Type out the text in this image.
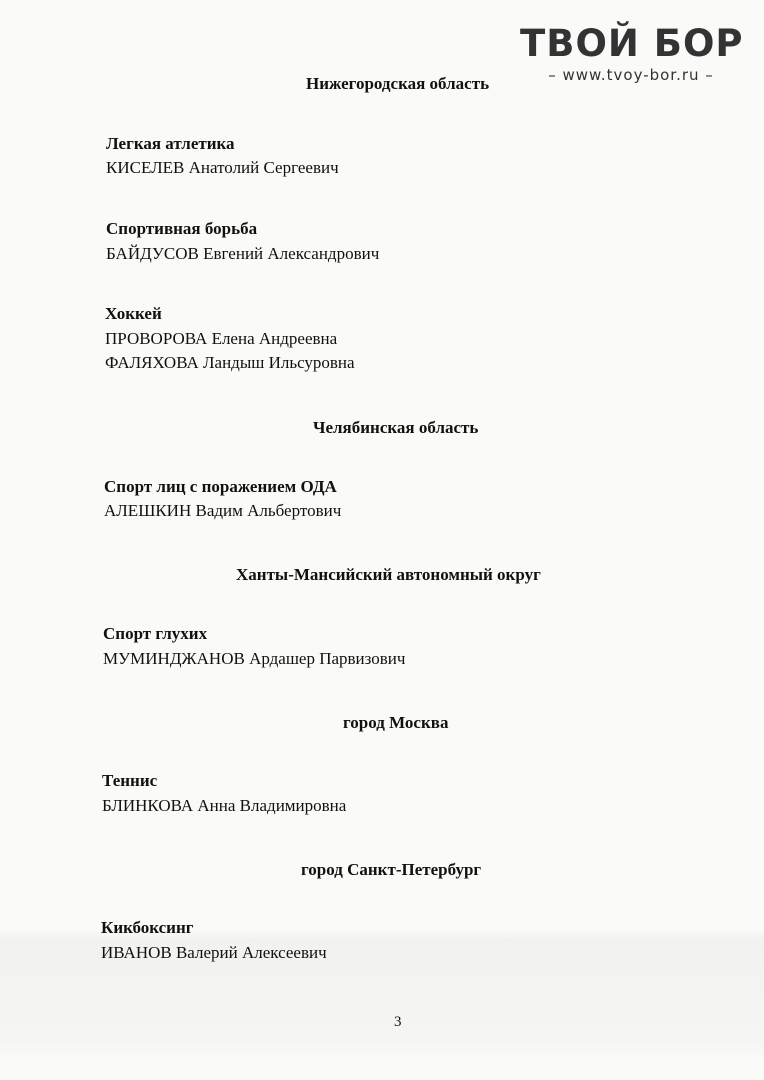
ТВОЙ БОР
– www.tvoy-bor.ru –
Нижегородская область
Легкая атлетика
КИСЕЛЕВ Анатолий Сергеевич
Спортивная борьба
БАЙДУСОВ Евгений Александрович
Хоккей
ПРОВОРОВА Елена Андреевна
ФАЛЯХОВА Ландыш Ильсуровна
Челябинская область
Спорт лиц с поражением ОДА
АЛЕШКИН Вадим Альбертович
Ханты-Мансийский автономный округ
Спорт глухих
МУМИНДЖАНОВ Ардашер Парвизович
город Москва
Теннис
БЛИНКОВА Анна Владимировна
город Санкт-Петербург
Кикбоксинг
ИВАНОВ Валерий Алексеевич
3
